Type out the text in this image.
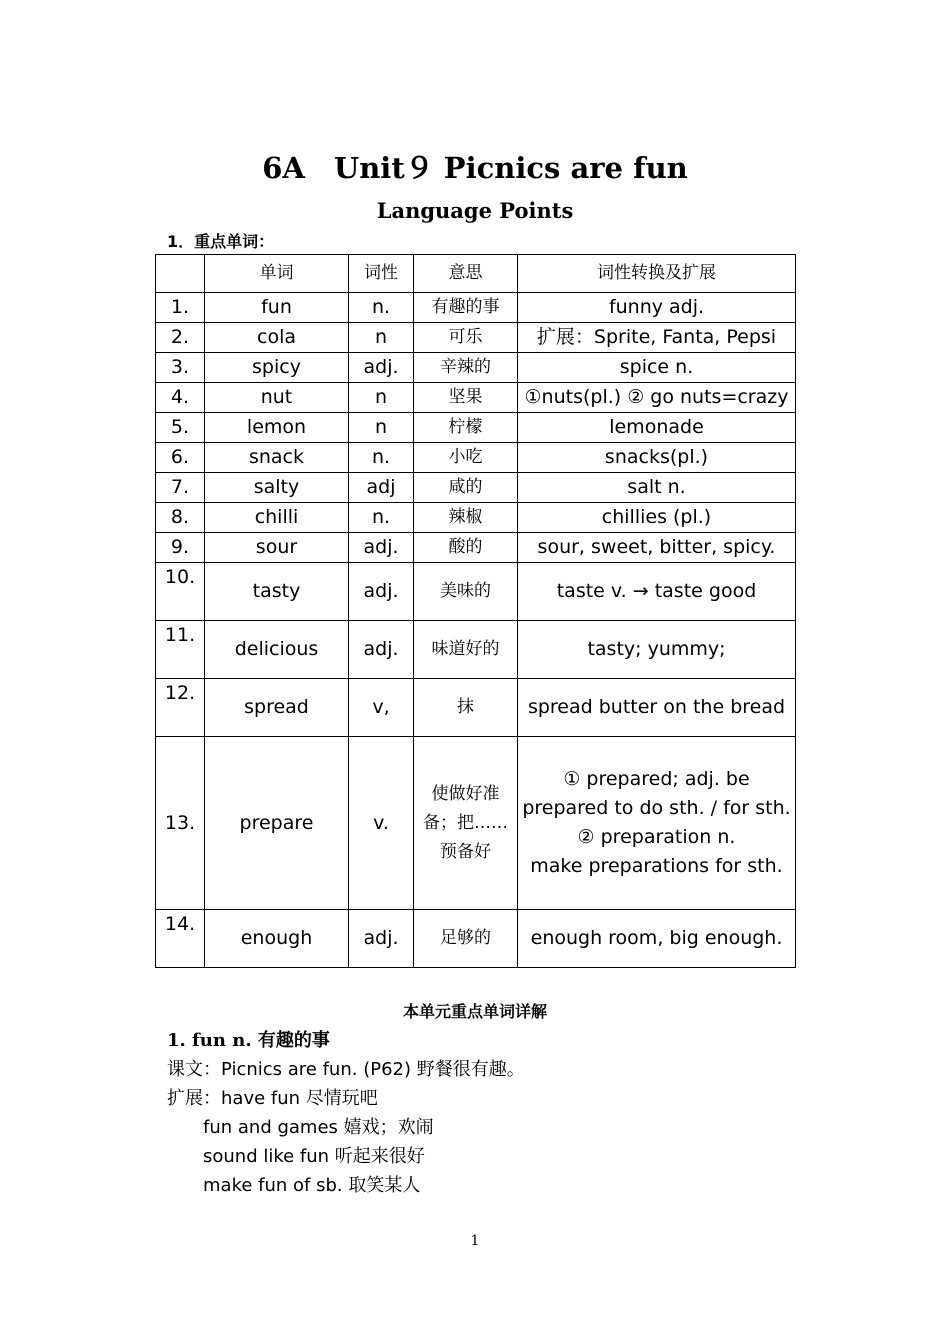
6A　Unit９ Picnics are fun
Language Points
1．重点单词：
	单词	词性	意思	词性转换及扩展
1.	fun	n.	有趣的事	funny adj.
2.	cola	n	可乐	扩展：Sprite, Fanta, Pepsi
3.	spicy	adj.	辛辣的	spice n.
4.	nut	n	坚果	①nuts(pl.) ② go nuts=crazy
5.	lemon	n	柠檬	lemonade
6.	snack	n.	小吃	snacks(pl.)
7.	salty	adj	咸的	salt n.
8.	chilli	n.	辣椒	chillies (pl.)
9.	sour	adj.	酸的	sour, sweet, bitter, spicy.
10.	tasty	adj.	美味的	taste v. → taste good
11.	delicious	adj.	味道好的	tasty; yummy;
12.	spread	v,	抹	spread butter on the bread
13.	prepare	v.	使做好准备；把……预备好	① prepared; adj. be prepared to do sth. / for sth.
② preparation n.
make preparations for sth.

14.	enough	adj.	足够的	enough room, big enough.
本单元重点单词详解
1. fun n. 有趣的事
课文：Picnics are fun. (P62) 野餐很有趣。
扩展：have fun 尽情玩吧
fun and games 嬉戏；欢闹
sound like fun 听起来很好
make fun of sb. 取笑某人
1
